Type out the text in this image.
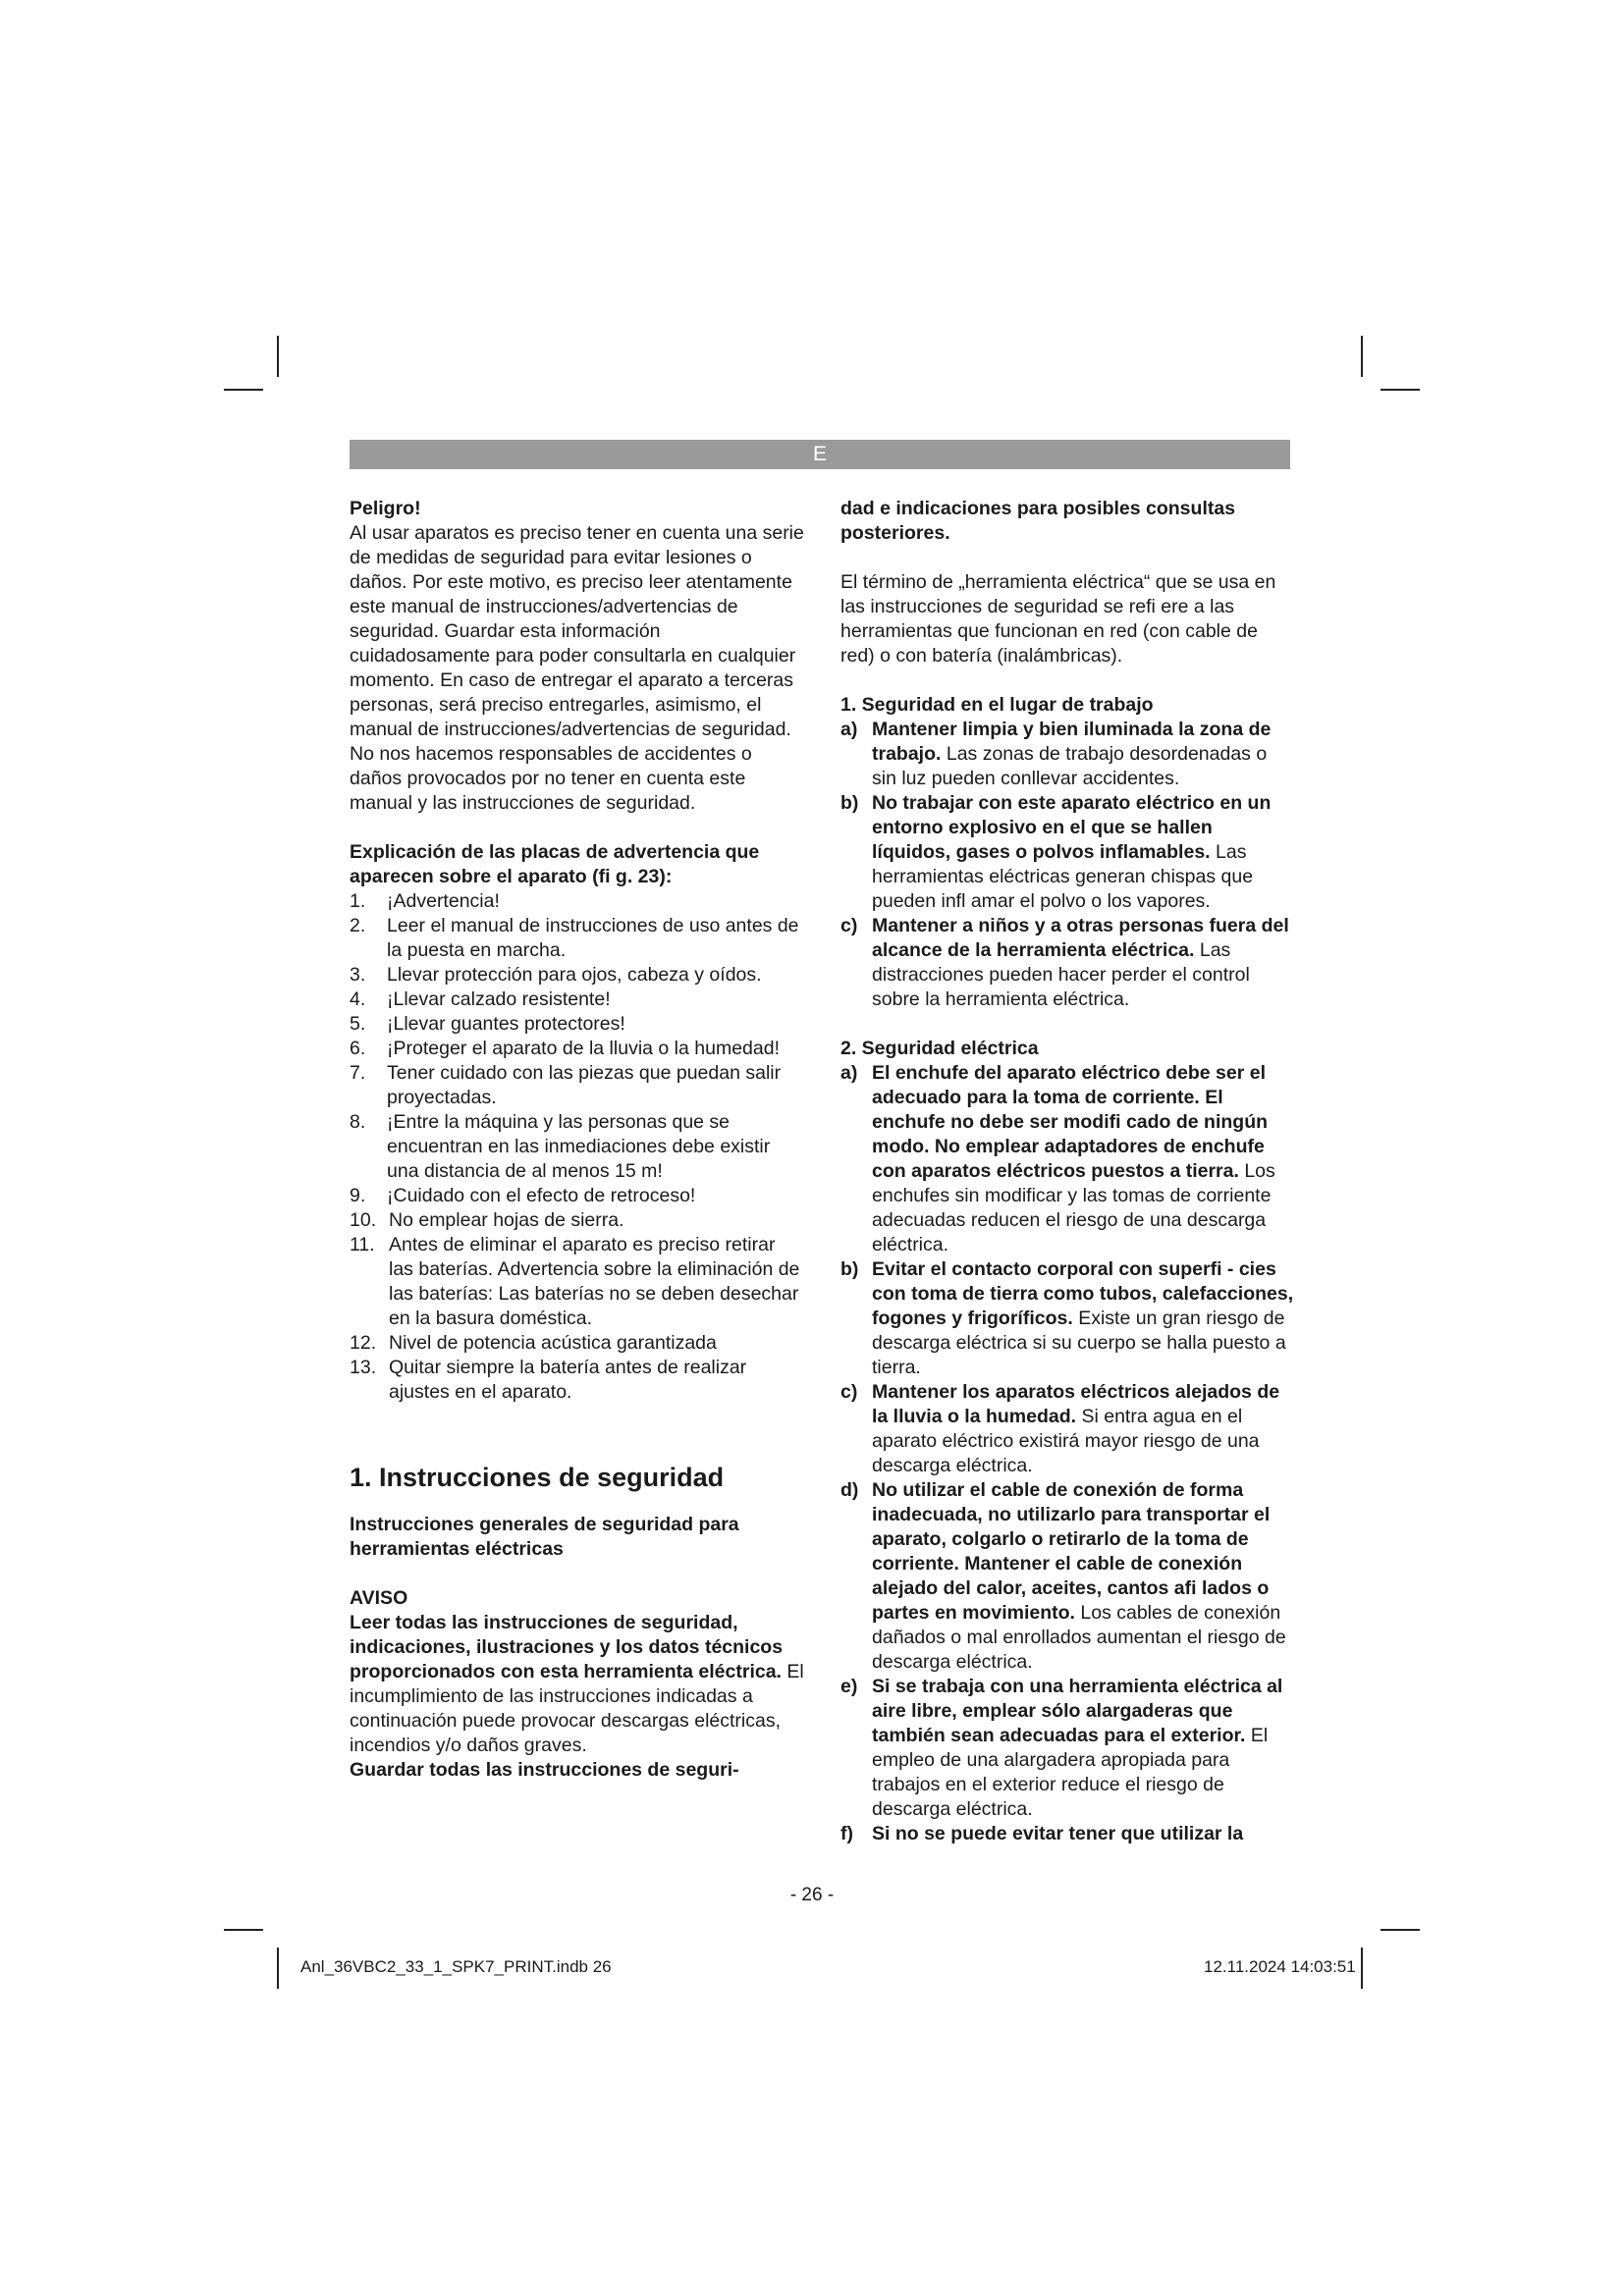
E

Peligro!

Al usar aparatos es preciso tener en cuenta una serie de medidas de seguridad para evitar lesiones o daños. Por este motivo, es preciso leer atentamente este manual de instrucciones/advertencias de seguridad. Guardar esta información cuidadosamente para poder consultarla en cualquier momento. En caso de entregar el aparato a terceras personas, será preciso entregarles, asimismo, el manual de instrucciones/advertencias de seguridad. No nos hacemos responsables de accidentes o daños provocados por no tener en cuenta este manual y las instrucciones de seguridad.

Explicación de las placas de advertencia que aparecen sobre el aparato (fi g. 23):

1.	¡Advertencia!
2.	Leer el manual de instrucciones de uso antes de la puesta en marcha.
3.	Llevar protección para ojos, cabeza y oídos.
4.	¡Llevar calzado resistente!
5.	¡Llevar guantes protectores!
6.	¡Proteger el aparato de la lluvia o la humedad!
7.	Tener cuidado con las piezas que puedan salir proyectadas.
8.	¡Entre la máquina y las personas que se encuentran en las inmediaciones debe existir una distancia de al menos 15 m!
9.	¡Cuidado con el efecto de retroceso!
10. No emplear hojas de sierra.
11. Antes de eliminar el aparato es preciso retirar las baterías. Advertencia sobre la eliminación de las baterías: Las baterías no se deben desechar en la basura doméstica.
12. Nivel de potencia acústica garantizada
13. Quitar siempre la batería antes de realizar ajustes en el aparato.

1. Instrucciones de seguridad

Instrucciones generales de seguridad para herramientas eléctricas

AVISO

Leer todas las instrucciones de seguridad, indicaciones, ilustraciones y los datos técnicos proporcionados con esta herramienta eléctrica. El incumplimiento de las instrucciones indicadas a continuación puede provocar descargas eléctricas, incendios y/o daños graves.

Guardar todas las instrucciones de seguri-

dad e indicaciones para posibles consultas posteriores.

El término de „herramienta eléctrica“ que se usa en las instrucciones de seguridad se refi ere a las herramientas que funcionan en red (con cable de red) o con batería (inalámbricas).

1. Seguridad en el lugar de trabajo

a) Mantener limpia y bien iluminada la zona de trabajo. Las zonas de trabajo desordenadas o sin luz pueden conllevar accidentes.
b) No trabajar con este aparato eléctrico en un entorno explosivo en el que se hallen líquidos, gases o polvos inflamables. Las herramientas eléctricas generan chispas que pueden infl amar el polvo o los vapores.
c) Mantener a niños y a otras personas fuera del alcance de la herramienta eléctrica. Las distracciones pueden hacer perder el control sobre la herramienta eléctrica.

2. Seguridad eléctrica

a) El enchufe del aparato eléctrico debe ser el adecuado para la toma de corriente. El enchufe no debe ser modifi cado de ningún modo. No emplear adaptadores de enchufe con aparatos eléctricos puestos a tierra. Los enchufes sin modificar y las tomas de corriente adecuadas reducen el riesgo de una descarga eléctrica.
b) Evitar el contacto corporal con superfi - cies con toma de tierra como tubos, calefacciones, fogones y frigoríficos. Existe un gran riesgo de descarga eléctrica si su cuerpo se halla puesto a tierra.
c) Mantener los aparatos eléctricos alejados de la lluvia o la humedad. Si entra agua en el aparato eléctrico existirá mayor riesgo de una descarga eléctrica.
d) No utilizar el cable de conexión de forma inadecuada, no utilizarlo para transportar el aparato, colgarlo o retirarlo de la toma de corriente. Mantener el cable de conexión alejado del calor, aceites, cantos afi lados o partes en movimiento. Los cables de conexión dañados o mal enrollados aumentan el riesgo de descarga eléctrica.
e) Si se trabaja con una herramienta eléctrica al aire libre, emplear sólo alargaderas que también sean adecuadas para el exterior. El empleo de una alargadera apropiada para trabajos en el exterior reduce el riesgo de descarga eléctrica.
f) Si no se puede evitar tener que utilizar la
- 26 -
Anl_36VBC2_33_1_SPK7_PRINT.indb 26	12.11.2024 14:03:51
